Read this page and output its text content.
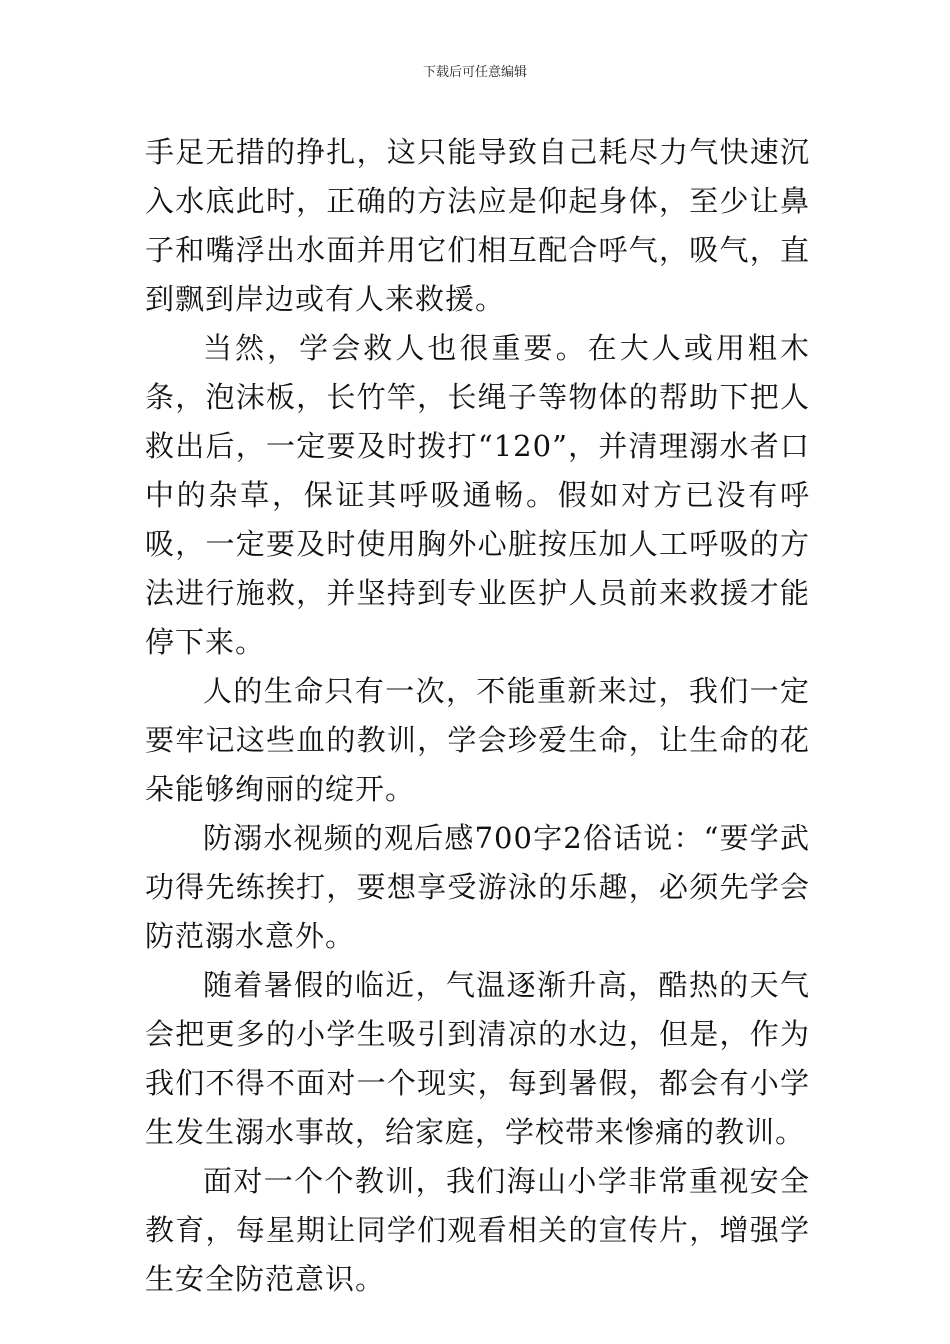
下载后可任意编辑

手足无措的挣扎，这只能导致自己耗尽力气快速沉入水底此时，正确的方法应是仰起身体，至少让鼻子和嘴浮出水面并用它们相互配合呼气，吸气，直到飘到岸边或有人来救援。

当然，学会救人也很重要。在大人或用粗木条，泡沫板，长竹竿，长绳子等物体的帮助下把人救出后，一定要及时拨打“120”，并清理溺水者口中的杂草，保证其呼吸通畅。假如对方已没有呼吸，一定要及时使用胸外心脏按压加人工呼吸的方法进行施救，并坚持到专业医护人员前来救援才能停下来。

人的生命只有一次，不能重新来过，我们一定要牢记这些血的教训，学会珍爱生命，让生命的花朵能够绚丽的绽开。

防溺水视频的观后感700字2俗话说：“要学武功得先练挨打，要想享受游泳的乐趣，必须先学会防范溺水意外。

随着暑假的临近，气温逐渐升高，酷热的天气会把更多的小学生吸引到清凉的水边，但是，作为我们不得不面对一个现实，每到暑假，都会有小学生发生溺水事故，给家庭，学校带来惨痛的教训。

面对一个个教训，我们海山小学非常重视安全教育，每星期让同学们观看相关的宣传片，增强学生安全防范意识。
